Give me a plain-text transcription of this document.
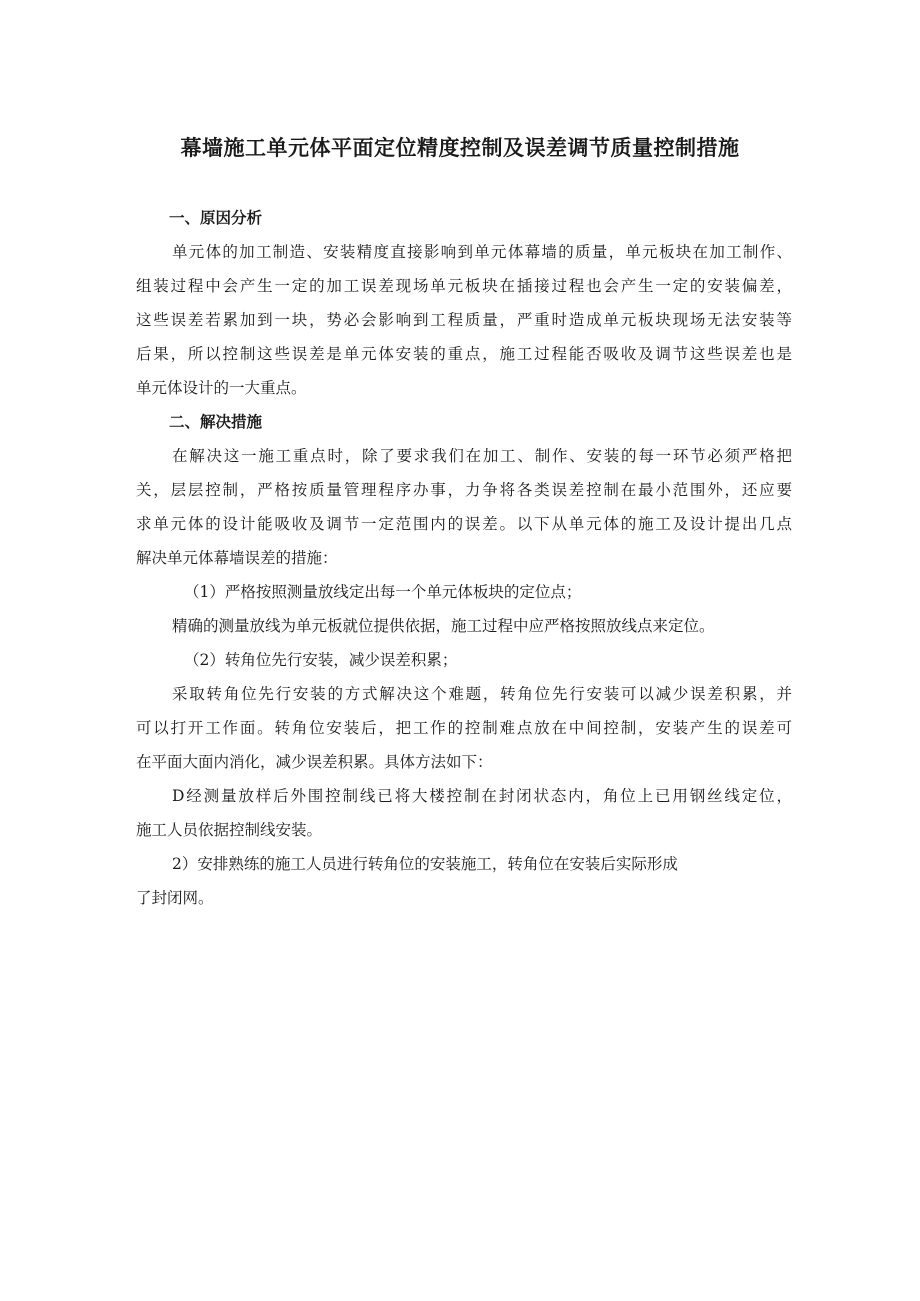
幕墙施工单元体平面定位精度控制及误差调节质量控制措施
一、原因分析
单元体的加工制造、安装精度直接影响到单元体幕墙的质量，单元板块在加工制作、
组装过程中会产生一定的加工误差现场单元板块在插接过程也会产生一定的安装偏差，
这些误差若累加到一块，势必会影响到工程质量，严重时造成单元板块现场无法安装等
后果，所以控制这些误差是单元体安装的重点，施工过程能否吸收及调节这些误差也是
单元体设计的一大重点。
二、解决措施
在解决这一施工重点时，除了要求我们在加工、制作、安装的每一环节必须严格把
关，层层控制，严格按质量管理程序办事，力争将各类误差控制在最小范围外，还应要
求单元体的设计能吸收及调节一定范围内的误差。以下从单元体的施工及设计提出几点
解决单元体幕墙误差的措施：
（1）严格按照测量放线定出每一个单元体板块的定位点；
精确的测量放线为单元板就位提供依据，施工过程中应严格按照放线点来定位。
（2）转角位先行安装，减少误差积累；
采取转角位先行安装的方式解决这个难题，转角位先行安装可以减少误差积累，并
可以打开工作面。转角位安装后，把工作的控制难点放在中间控制，安装产生的误差可
在平面大面内消化，减少误差积累。具体方法如下：
D经测量放样后外围控制线已将大楼控制在封闭状态内，角位上已用钢丝线定位，
施工人员依据控制线安装。
2）安排熟练的施工人员进行转角位的安装施工，转角位在安装后实际形成
了封闭网。
